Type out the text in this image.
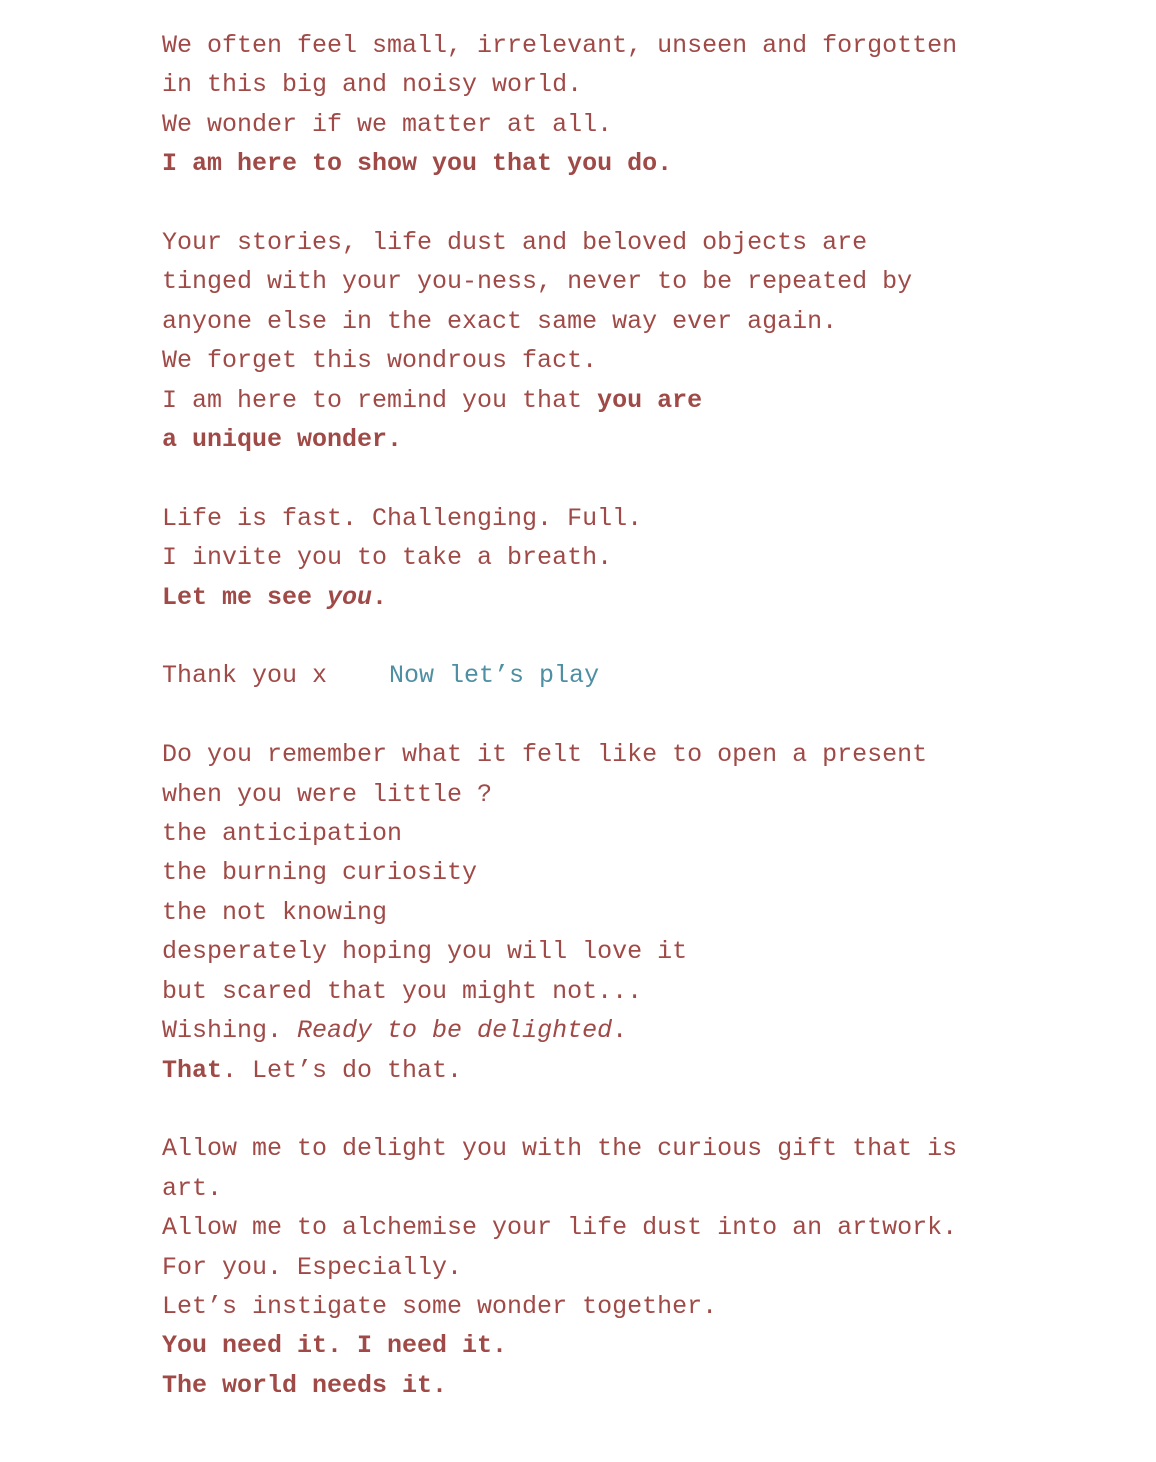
We often feel small, irrelevant, unseen and forgotten
in this big and noisy world.
We wonder if we matter at all.
I am here to show you that you do.
Your stories, life dust and beloved objects are
tinged with your you-ness, never to be repeated by
anyone else in the exact same way ever again.
We forget this wondrous fact.
I am here to remind you that you are
a unique wonder.
Life is fast. Challenging. Full.
I invite you to take a breath.
Let me see you.
Thank you x Now let’s play
Do you remember what it felt like to open a present
when you were little ?
the anticipation
the burning curiosity
the not knowing
desperately hoping you will love it
but scared that you might not...
Wishing. Ready to be delighted.
That. Let’s do that.
Allow me to delight you with the curious gift that is
art.
Allow me to alchemise your life dust into an artwork.
For you. Especially.
Let’s instigate some wonder together.
You need it. I need it.
The world needs it.
